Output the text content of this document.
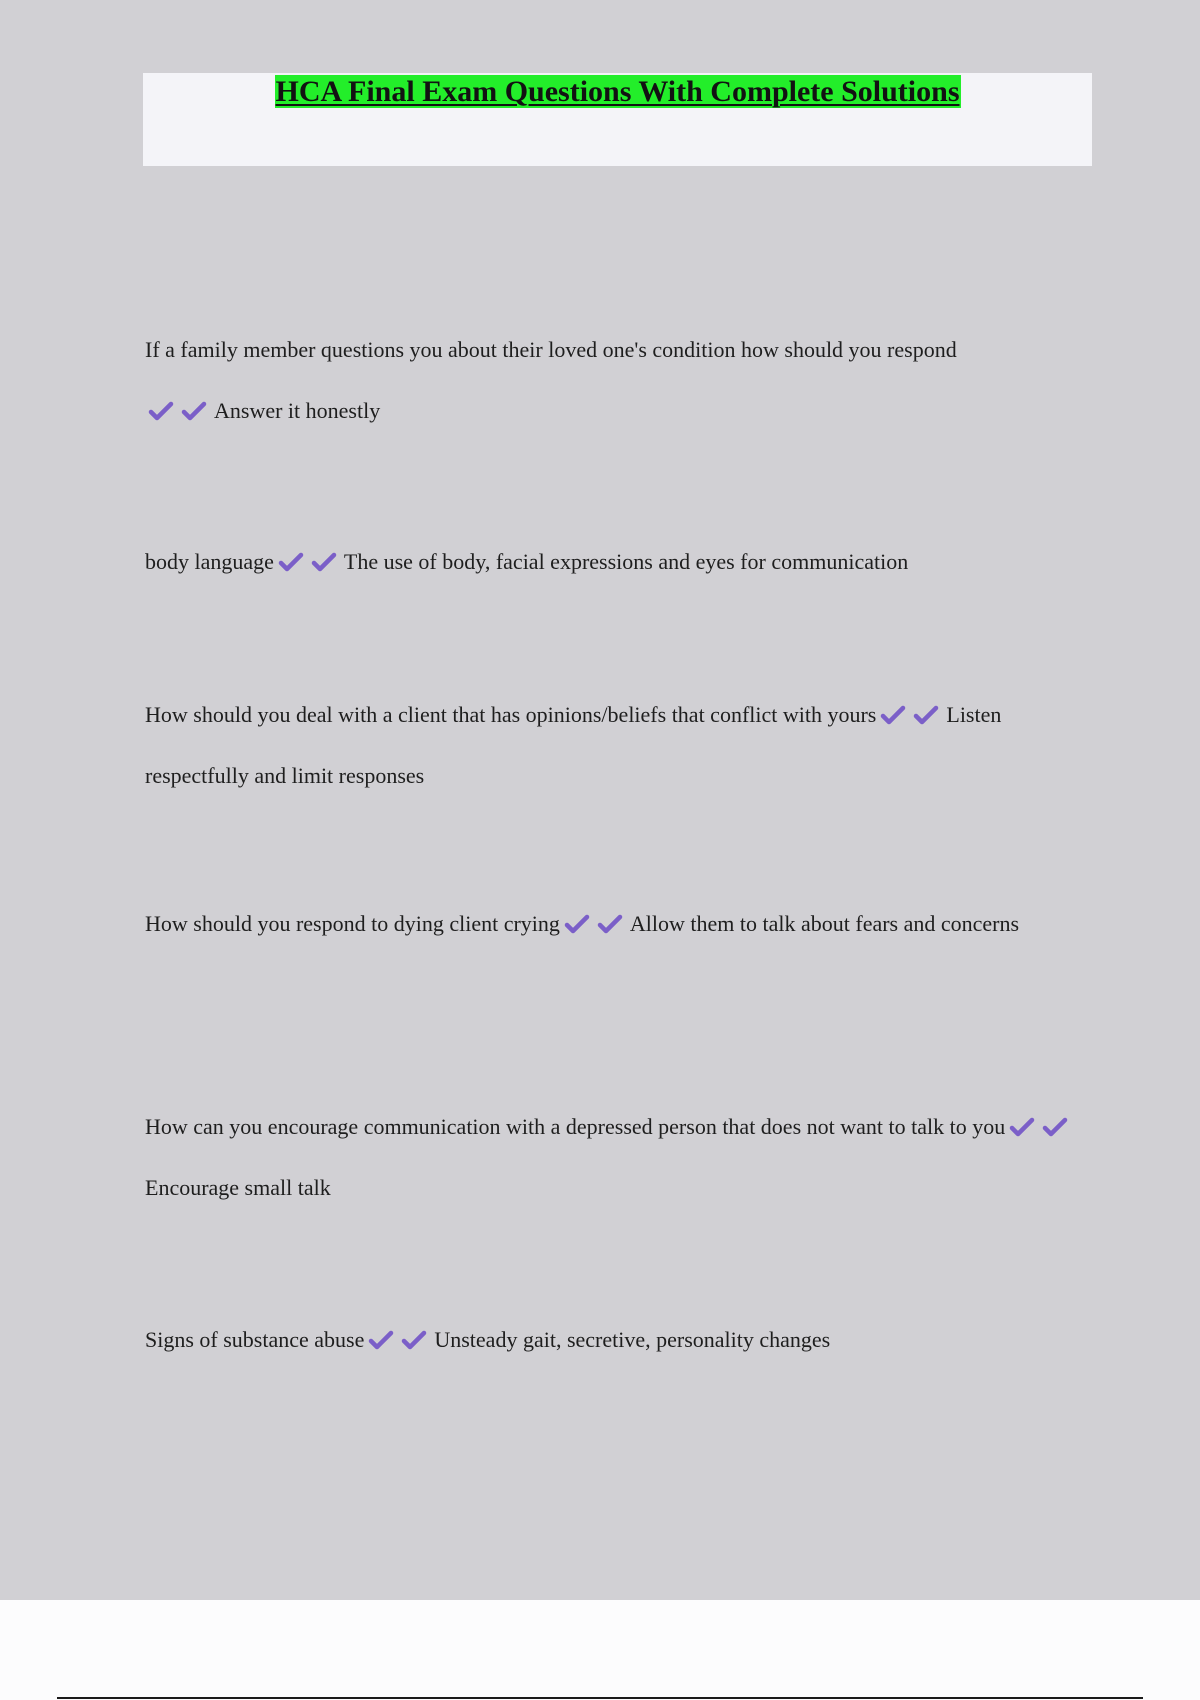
HCA Final Exam Questions With Complete Solutions

If a family member questions you about their loved one's condition how should you respond

Answer it honestly

body language	The use of body, facial expressions and eyes for communication

How should you deal with a client that has opinions/beliefs that conflict with yours	Listen respectfully and limit responses

How should you respond to dying client crying	Allow them to talk about fears and concerns

How can you encourage communication with a depressed person that does not want to talk to you
Encourage small talk

Signs of substance abuse	Unsteady gait, secretive, personality changes
